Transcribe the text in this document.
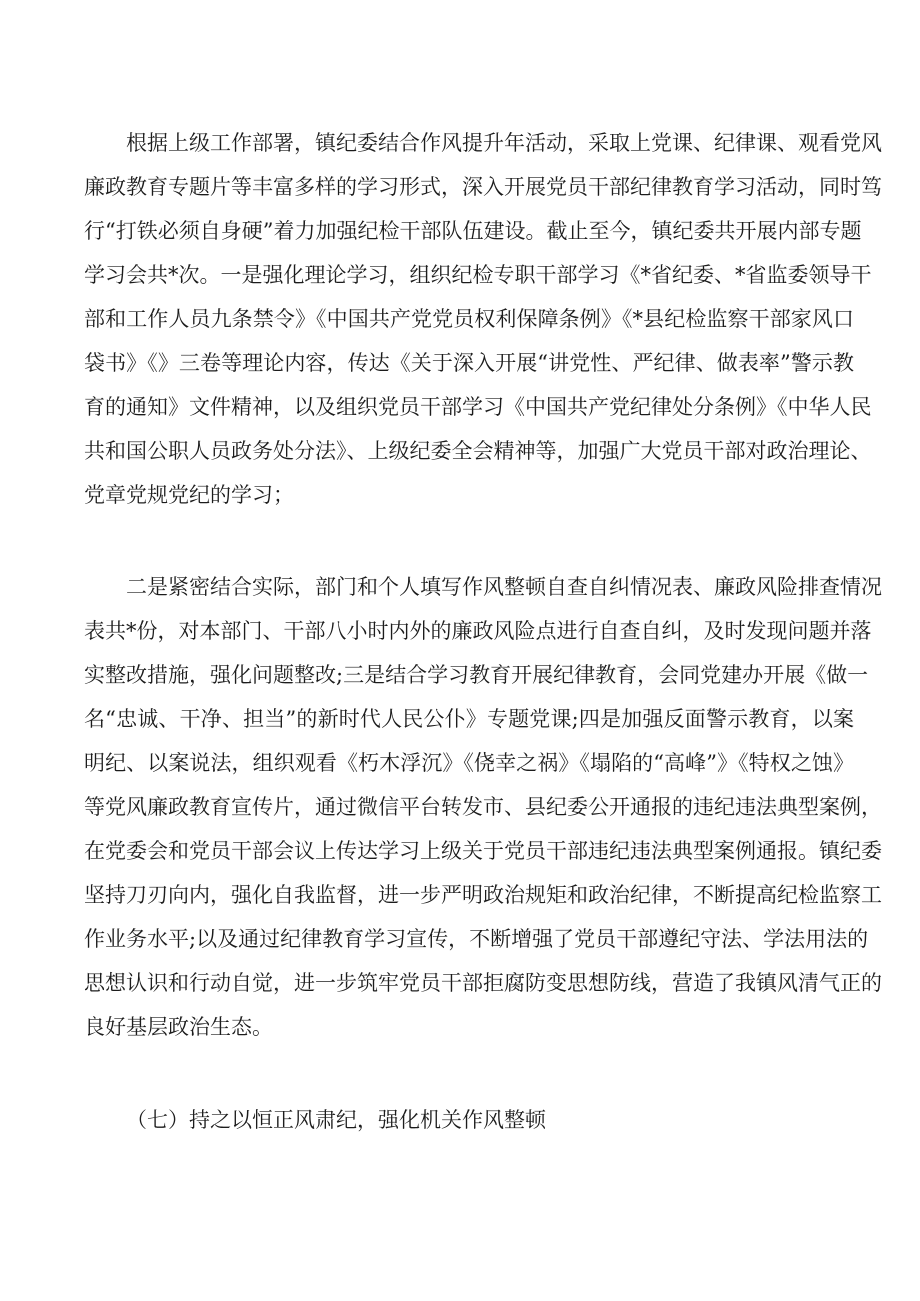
根据上级工作部署，镇纪委结合作风提升年活动，采取上党课、纪律课、观看党风

廉政教育专题片等丰富多样的学习形式，深入开展党员干部纪律教育学习活动，同时笃

行“打铁必须自身硬”着力加强纪检干部队伍建设。截止至今，镇纪委共开展内部专题

学习会共*次。一是强化理论学习，组织纪检专职干部学习《*省纪委、*省监委领导干

部和工作人员九条禁令》《中国共产党党员权利保障条例》《*县纪检监察干部家风口

袋书》《》三卷等理论内容，传达《关于深入开展“讲党性、严纪律、做表率”警示教

育的通知》文件精神，以及组织党员干部学习《中国共产党纪律处分条例》《中华人民

共和国公职人员政务处分法》、上级纪委全会精神等，加强广大党员干部对政治理论、

党章党规党纪的学习；

二是紧密结合实际，部门和个人填写作风整顿自查自纠情况表、廉政风险排查情况

表共*份，对本部门、干部八小时内外的廉政风险点进行自查自纠，及时发现问题并落

实整改措施，强化问题整改;三是结合学习教育开展纪律教育，会同党建办开展《做一

名“忠诚、干净、担当”的新时代人民公仆》专题党课;四是加强反面警示教育，以案

明纪、以案说法，组织观看《朽木浮沉》《侥幸之祸》《塌陷的“高峰”》《特权之蚀》

等党风廉政教育宣传片，通过微信平台转发市、县纪委公开通报的违纪违法典型案例，

在党委会和党员干部会议上传达学习上级关于党员干部违纪违法典型案例通报。镇纪委

坚持刀刃向内，强化自我监督，进一步严明政治规矩和政治纪律，不断提高纪检监察工

作业务水平;以及通过纪律教育学习宣传，不断增强了党员干部遵纪守法、学法用法的

思想认识和行动自觉，进一步筑牢党员干部拒腐防变思想防线，营造了我镇风清气正的

良好基层政治生态。

（七）持之以恒正风肃纪，强化机关作风整顿
